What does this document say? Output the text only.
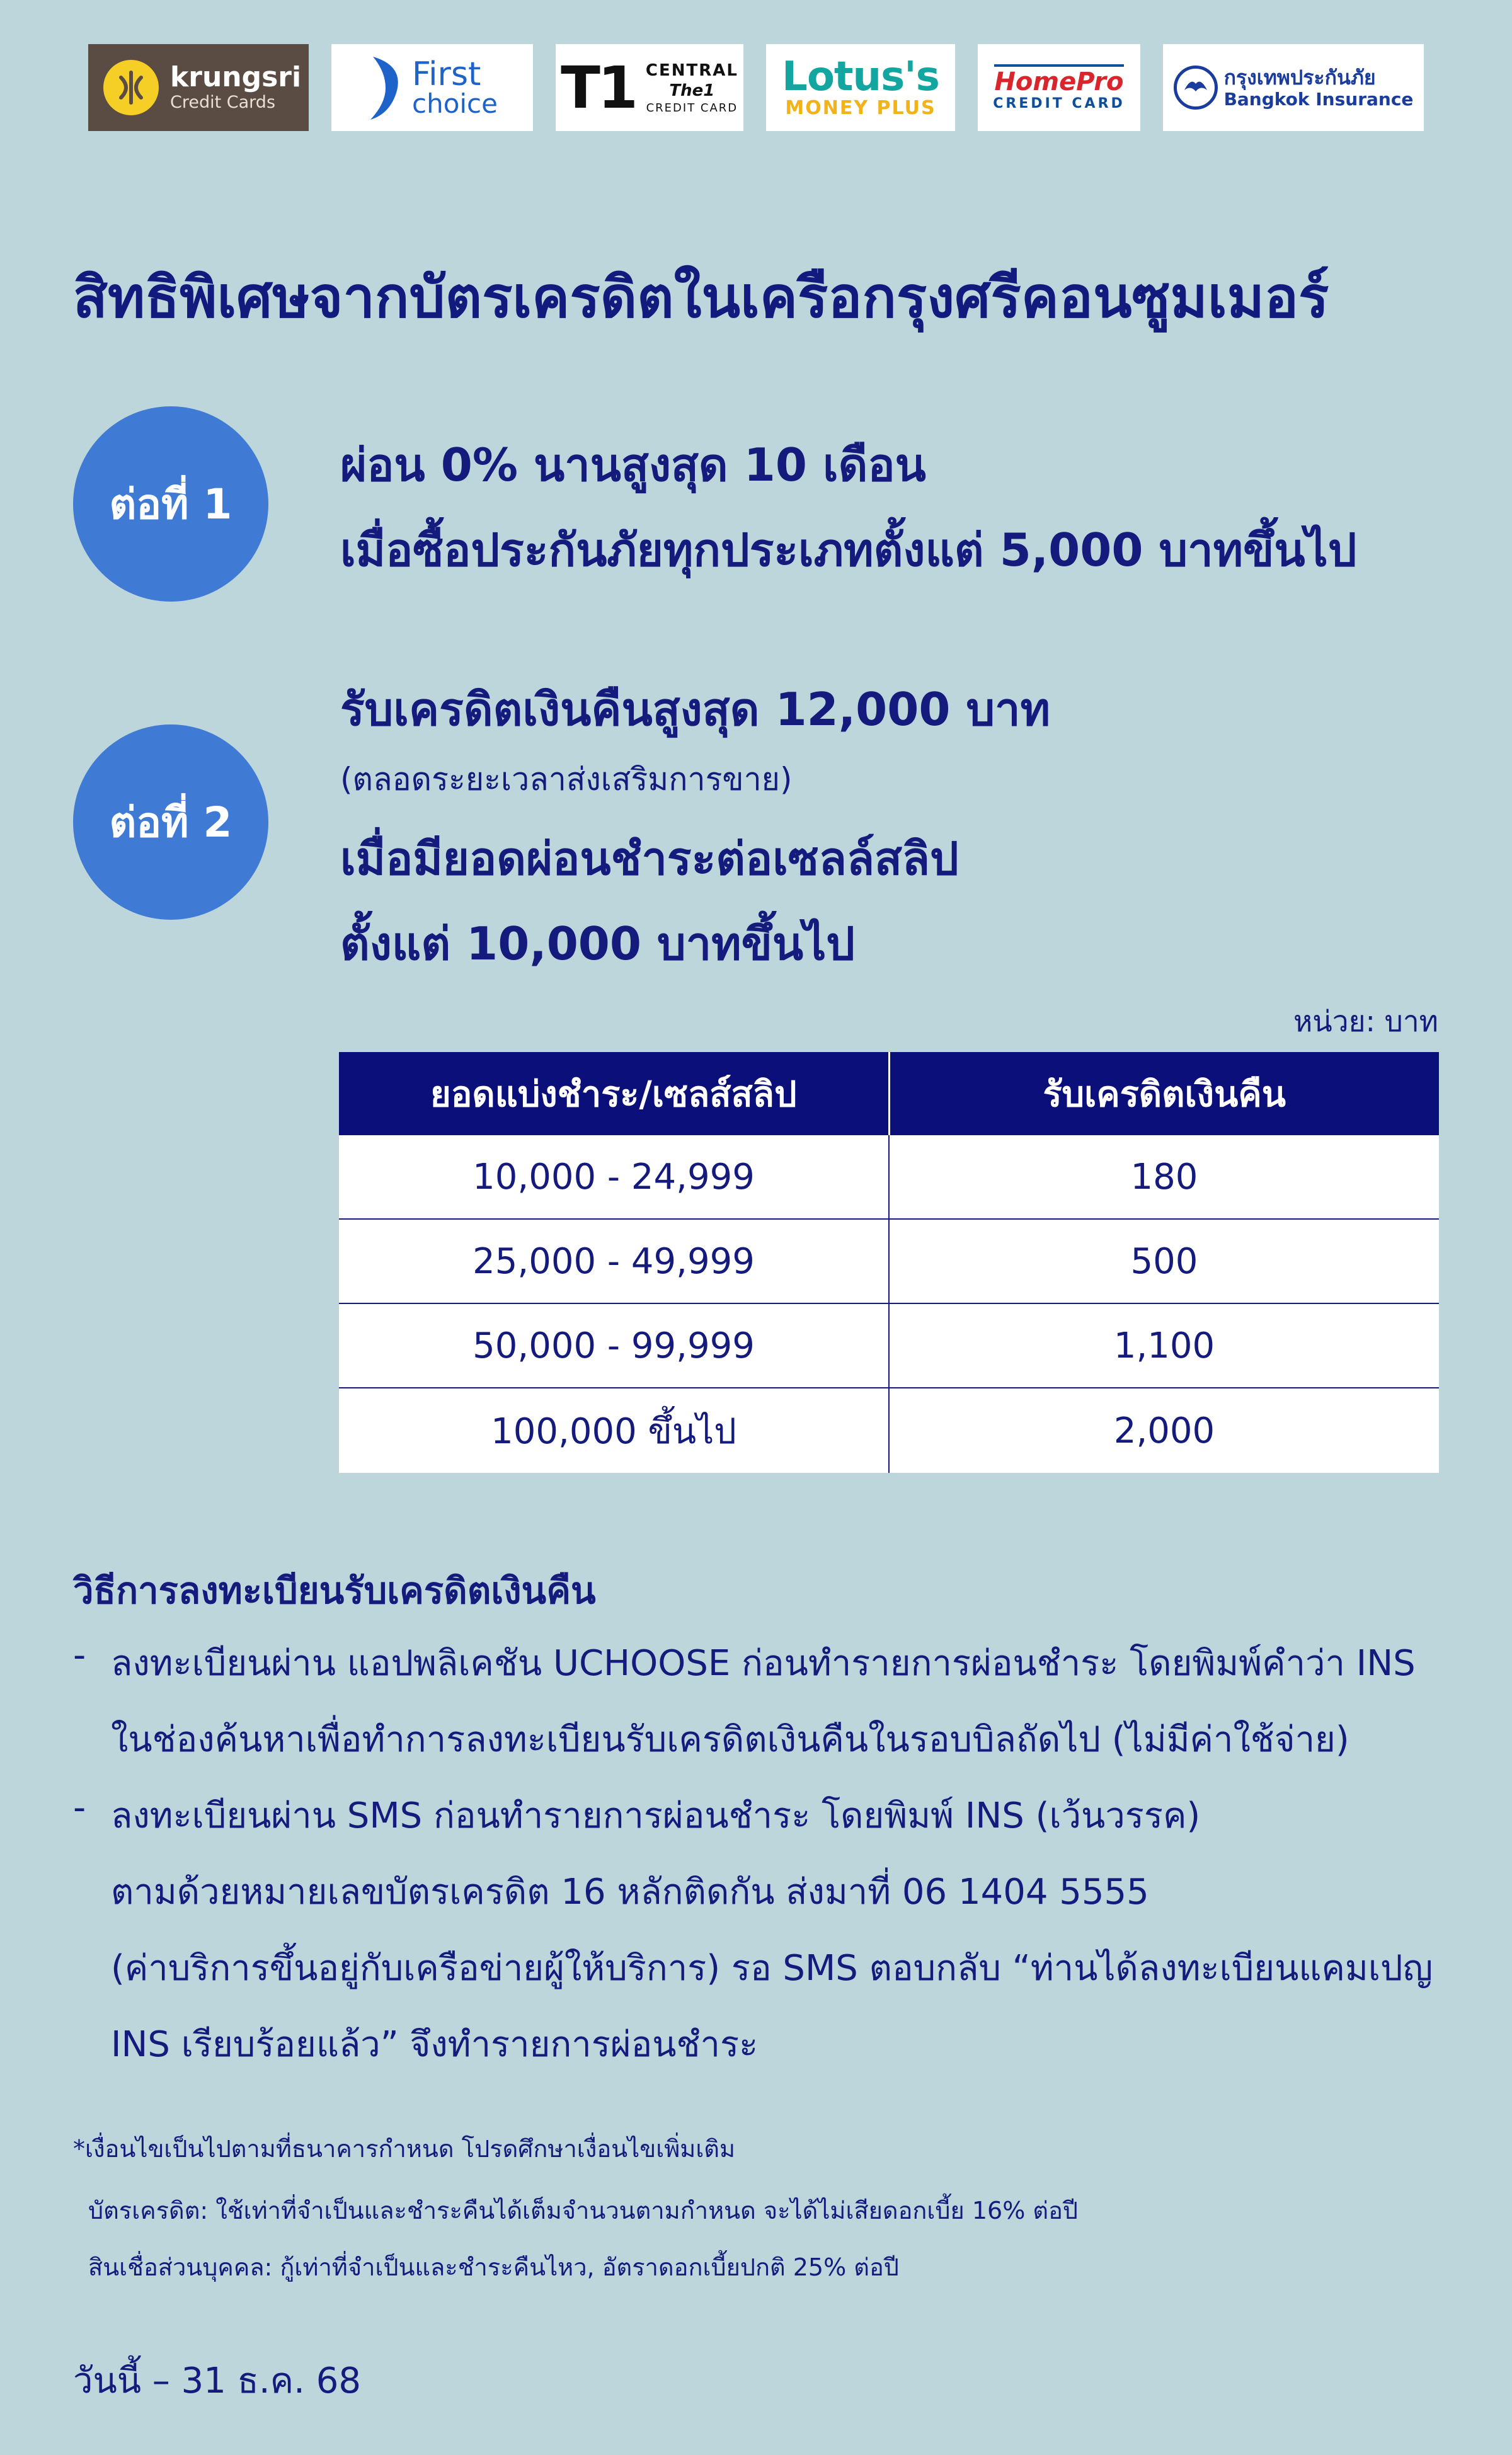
krungsri
Credit Cards
First
choice T1 CENTRAL
The1
CREDIT CARD
Lotus's
MONEY PLUS
HomePro
CREDIT CARD
กรุงเทพประกันภัย
Bangkok Insurance
สิทธิพิเศษจากบัตรเครดิตในเครือกรุงศรีคอนซูมเมอร์
ต่อที่ 1
ผ่อน 0% นานสูงสุด 10 เดือน
เมื่อซื้อประกันภัยทุกประเภทตั้งแต่ 5,000 บาทขึ้นไป
ต่อที่ 2
รับเครดิตเงินคืนสูงสุด 12,000 บาท
(ตลอดระยะเวลาส่งเสริมการขาย)
เมื่อมียอดผ่อนชำระต่อเซลล์สลิป
ตั้งแต่ 10,000 บาทขึ้นไป
หน่วย: บาท
ยอดแบ่งชำระ/เซลส์สลิป	รับเครดิตเงินคืน
10,000 - 24,999	180
25,000 - 49,999	500
50,000 - 99,999	1,100
100,000 ขึ้นไป	2,000
วิธีการลงทะเบียนรับเครดิตเงินคืน
- ลงทะเบียนผ่าน แอปพลิเคชัน UCHOOSE ก่อนทำรายการผ่อนชำระ โดยพิมพ์คำว่า INS
ในช่องค้นหาเพื่อทำการลงทะเบียนรับเครดิตเงินคืนในรอบบิลถัดไป (ไม่มีค่าใช้จ่าย)
- ลงทะเบียนผ่าน SMS ก่อนทำรายการผ่อนชำระ โดยพิมพ์ INS (เว้นวรรค)
ตามด้วยหมายเลขบัตรเครดิต 16 หลักติดกัน ส่งมาที่ 06 1404 5555
(ค่าบริการขึ้นอยู่กับเครือข่ายผู้ให้บริการ) รอ SMS ตอบกลับ “ท่านได้ลงทะเบียนแคมเปญ
INS เรียบร้อยแล้ว” จึงทำรายการผ่อนชำระ
*เงื่อนไขเป็นไปตามที่ธนาคารกำหนด โปรดศึกษาเงื่อนไขเพิ่มเติม
บัตรเครดิต: ใช้เท่าที่จำเป็นและชำระคืนได้เต็มจำนวนตามกำหนด จะได้ไม่เสียดอกเบี้ย 16% ต่อปี
สินเชื่อส่วนบุคคล: กู้เท่าที่จำเป็นและชำระคืนไหว, อัตราดอกเบี้ยปกติ 25% ต่อปี
วันนี้ – 31 ธ.ค. 68
